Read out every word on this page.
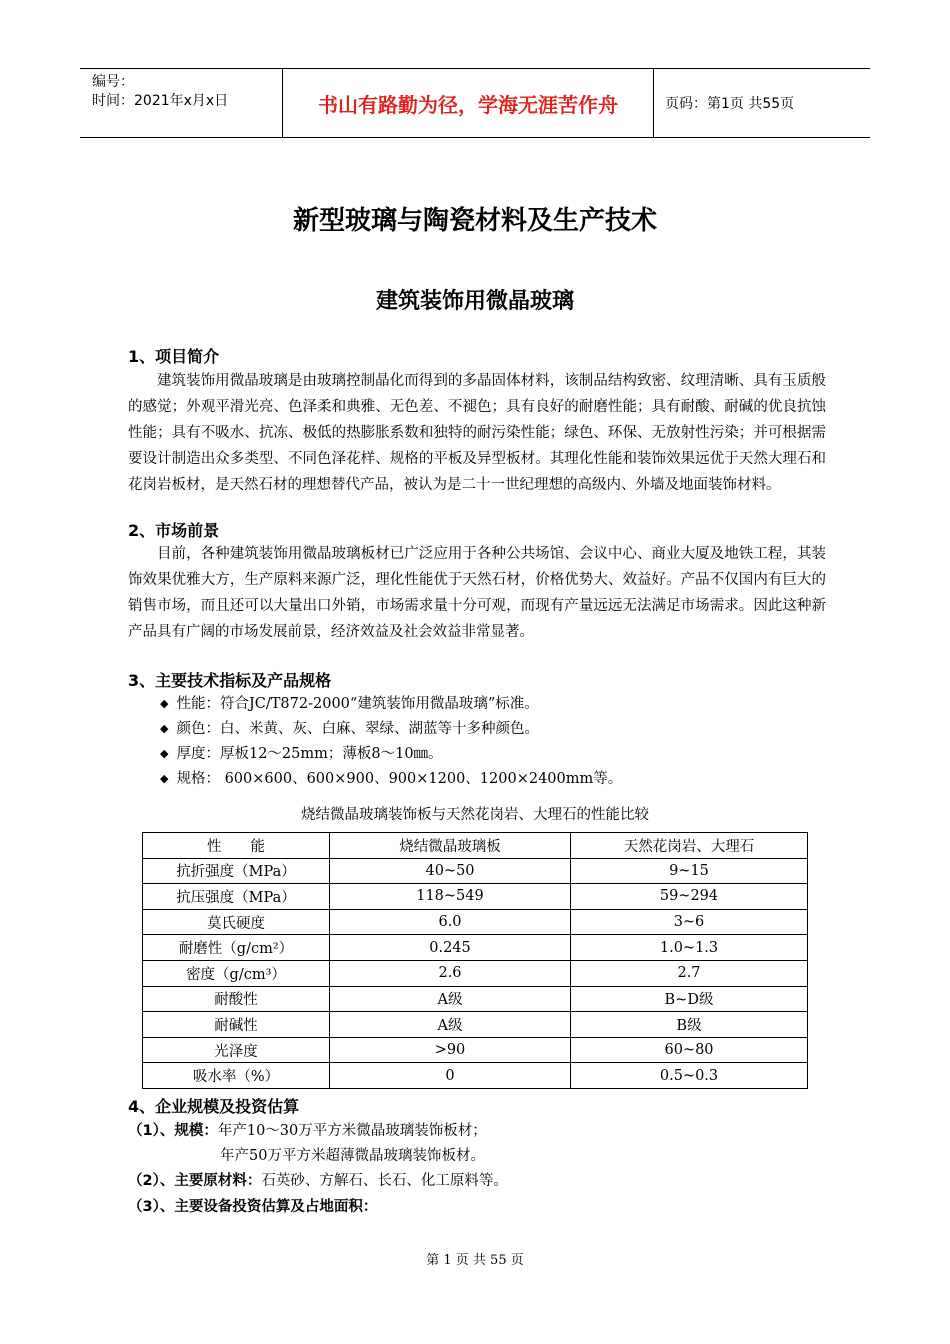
编号：
时间：2021年x月x日	书山有路勤为径，学海无涯苦作舟	页码：第1页 共55页
新型玻璃与陶瓷材料及生产技术
建筑装饰用微晶玻璃
1、项目简介
建筑装饰用微晶玻璃是由玻璃控制晶化而得到的多晶固体材料，该制品结构致密、纹理清晰、具有玉质般的感觉；外观平滑光亮、色泽柔和典雅、无色差、不褪色；具有良好的耐磨性能；具有耐酸、耐碱的优良抗蚀性能；具有不吸水、抗冻、极低的热膨胀系数和独特的耐污染性能；绿色、环保、无放射性污染；并可根据需要设计制造出众多类型、不同色泽花样、规格的平板及异型板材。其理化性能和装饰效果远优于天然大理石和花岗岩板材，是天然石材的理想替代产品，被认为是二十一世纪理想的高级内、外墙及地面装饰材料。
2、市场前景
目前，各种建筑装饰用微晶玻璃板材已广泛应用于各种公共场馆、会议中心、商业大厦及地铁工程，其装饰效果优雅大方，生产原料来源广泛，理化性能优于天然石材，价格优势大、效益好。产品不仅国内有巨大的销售市场，而且还可以大量出口外销，市场需求量十分可观，而现有产量远远无法满足市场需求。因此这种新产品具有广阔的市场发展前景，经济效益及社会效益非常显著。
3、主要技术指标及产品规格
◆ 性能：符合JC/T872-2000“建筑装饰用微晶玻璃”标准。
◆ 颜色：白、米黄、灰、白麻、翠绿、湖蓝等十多种颜色。
◆ 厚度：厚板12～25mm；薄板8～10㎜。
◆ 规格： 600×600、600×900、900×1200、1200×2400mm等。
烧结微晶玻璃装饰板与天然花岗岩、大理石的性能比较
性　　能	烧结微晶玻璃板	天然花岗岩、大理石
抗折强度（MPa）	40~50	9~15
抗压强度（MPa）	118~549	59~294
莫氏硬度	6.0	3~6
耐磨性（g/cm²）	0.245	1.0~1.3
密度（g/cm³）	2.6	2.7
耐酸性	A级	B~D级
耐碱性	A级	B级
光泽度	>90	60~80
吸水率（%）	0	0.5~0.3
4、企业规模及投资估算
（1）、规模：年产10～30万平方米微晶玻璃装饰板材；
年产50万平方米超薄微晶玻璃装饰板材。
（2）、主要原材料：石英砂、方解石、长石、化工原料等。
（3）、主要设备投资估算及占地面积：
第 1 页 共 55 页
